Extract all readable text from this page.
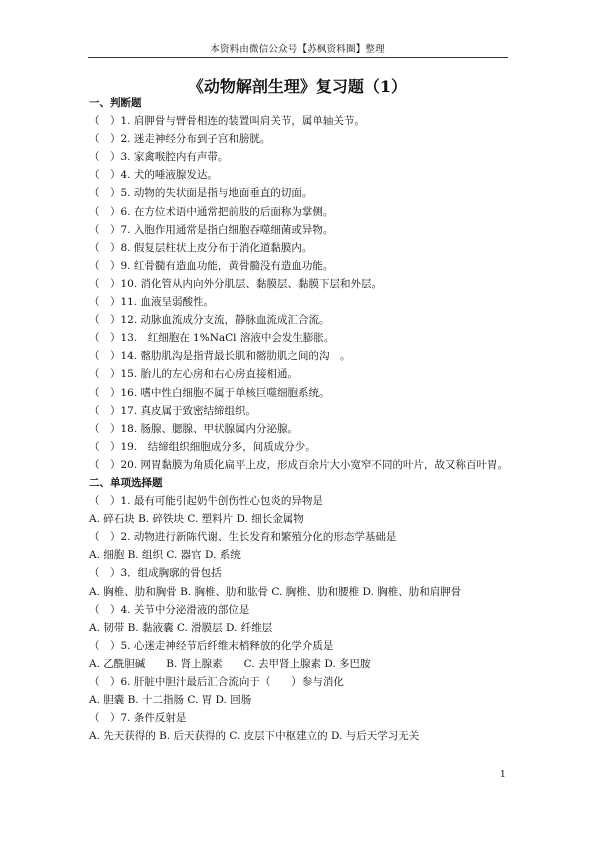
本资料由微信公众号【苏枫资料圈】整理
《动物解剖生理》复习题（1）
一、判断题
（　）1. 肩胛骨与臂骨相连的装置叫肩关节，属单轴关节。
（　）2. 迷走神经分布到子宫和膀胱。
（　）3. 家禽喉腔内有声带。
（　）4. 犬的唾液腺发达。
（　）5. 动物的失状面是指与地面垂直的切面。
（　）6. 在方位术语中通常把前肢的后面称为掌侧。
（　）7. 入胞作用通常是指白细胞吞噬细菌或异物。
（　）8. 假复层柱状上皮分布于消化道黏膜内。
（　）9. 红骨髓有造血功能，黄骨髓没有造血功能。
（　）10. 消化管从内向外分肌层、黏膜层、黏膜下层和外层。
（　）11. 血液呈弱酸性。
（　）12. 动脉血流成分支流，静脉血流成汇合流。
（　）13.　红细胞在 1%NaCl 溶液中会发生膨胀。
（　）14. 髂肋肌沟是指背最长肌和髂肋肌之间的沟　。
（　）15. 胎儿的左心房和右心房直接相通。
（　）16. 嗜中性白细胞不属于单核巨噬细胞系统。
（　）17. 真皮属于致密结缔组织。
（　）18. 肠腺、腮腺、甲状腺属内分泌腺。
（　）19.　结缔组织细胞成分多，间质成分少。
（　）20. 网胃黏膜为角质化扁平上皮，形成百余片大小宽窄不同的叶片，故又称百叶胃。
二、单项选择题
（　）1. 最有可能引起奶牛创伤性心包炎的异物是
A. 碎石块 B. 碎铁块 C. 塑料片 D. 细长金属物
（　）2. 动物进行新陈代谢、生长发育和繁殖分化的形态学基础是
A. 细胞 B. 组织 C. 器官 D. 系统
（　）3．组成胸廓的骨包括
A. 胸椎、肋和胸骨 B. 胸椎、肋和肱骨 C. 胸椎、肋和腰椎 D. 胸椎、肋和肩胛骨
（　）4. 关节中分泌滑液的部位是
A. 韧带 B. 黏液囊 C. 滑膜层 D. 纤维层
（　）5. 心迷走神经节后纤维末梢释放的化学介质是
A. 乙酰胆碱　　B. 肾上腺素　　C. 去甲肾上腺素 D. 多巴胺
（　）6. 肝脏中胆汁最后汇合流向于（　　）参与消化
A. 胆囊 B. 十二指肠 C. 胃 D. 回肠
（　）7. 条件反射是
A. 先天获得的 B. 后天获得的 C. 皮层下中枢建立的 D. 与后天学习无关
1
